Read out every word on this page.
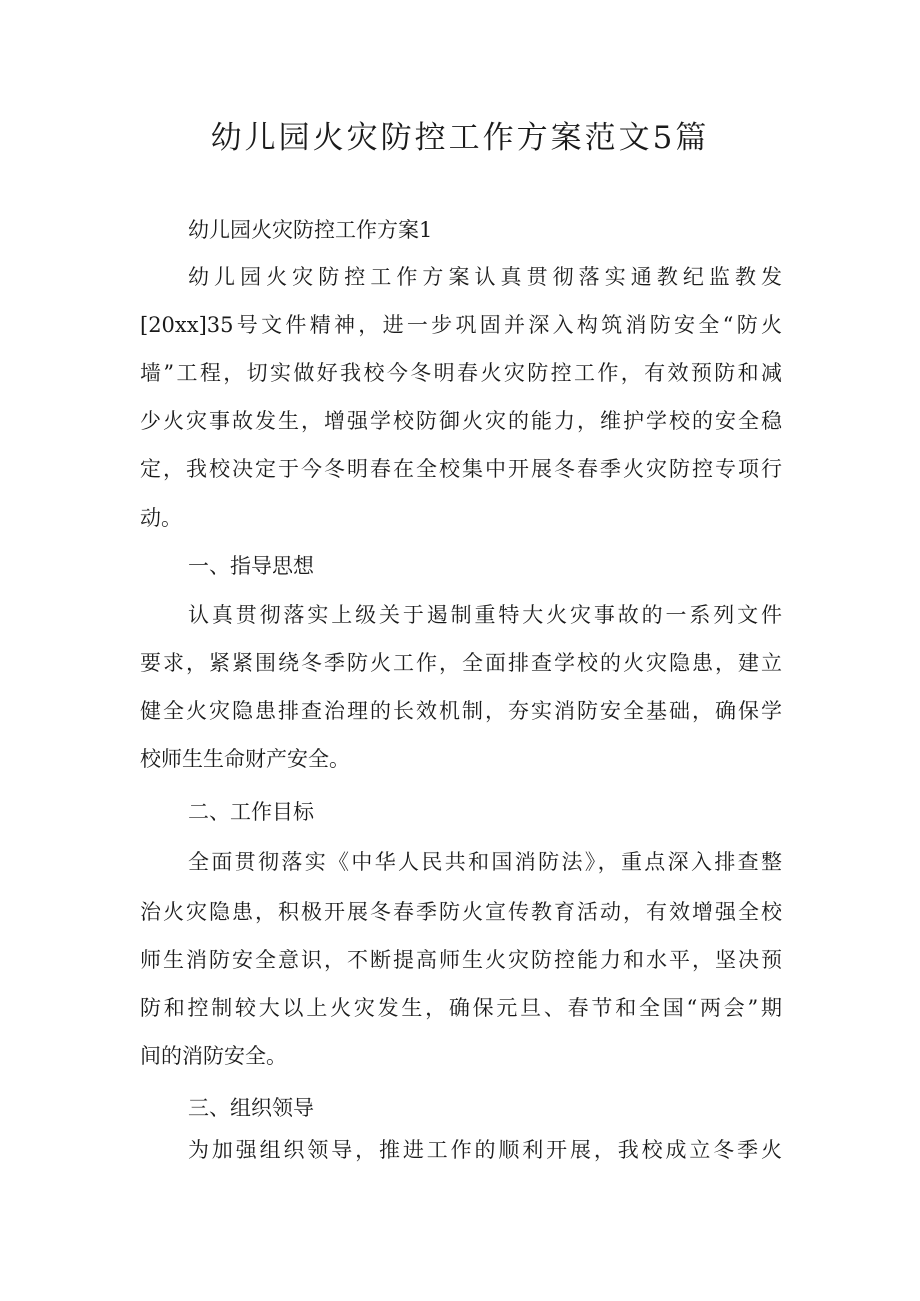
幼儿园火灾防控工作方案范文5篇
幼儿园火灾防控工作方案1
幼儿园火灾防控工作方案认真贯彻落实通教纪监教发
[20xx]35号文件精神，进一步巩固并深入构筑消防安全“防火
墙”工程，切实做好我校今冬明春火灾防控工作，有效预防和减
少火灾事故发生，增强学校防御火灾的能力，维护学校的安全稳
定，我校决定于今冬明春在全校集中开展冬春季火灾防控专项行
动。
一、指导思想
认真贯彻落实上级关于遏制重特大火灾事故的一系列文件
要求，紧紧围绕冬季防火工作，全面排查学校的火灾隐患，建立
健全火灾隐患排查治理的长效机制，夯实消防安全基础，确保学
校师生生命财产安全。
二、工作目标
全面贯彻落实《中华人民共和国消防法》，重点深入排查整
治火灾隐患，积极开展冬春季防火宣传教育活动，有效增强全校
师生消防安全意识，不断提高师生火灾防控能力和水平，坚决预
防和控制较大以上火灾发生，确保元旦、春节和全国“两会”期
间的消防安全。
三、组织领导
为加强组织领导，推进工作的顺利开展，我校成立冬季火
